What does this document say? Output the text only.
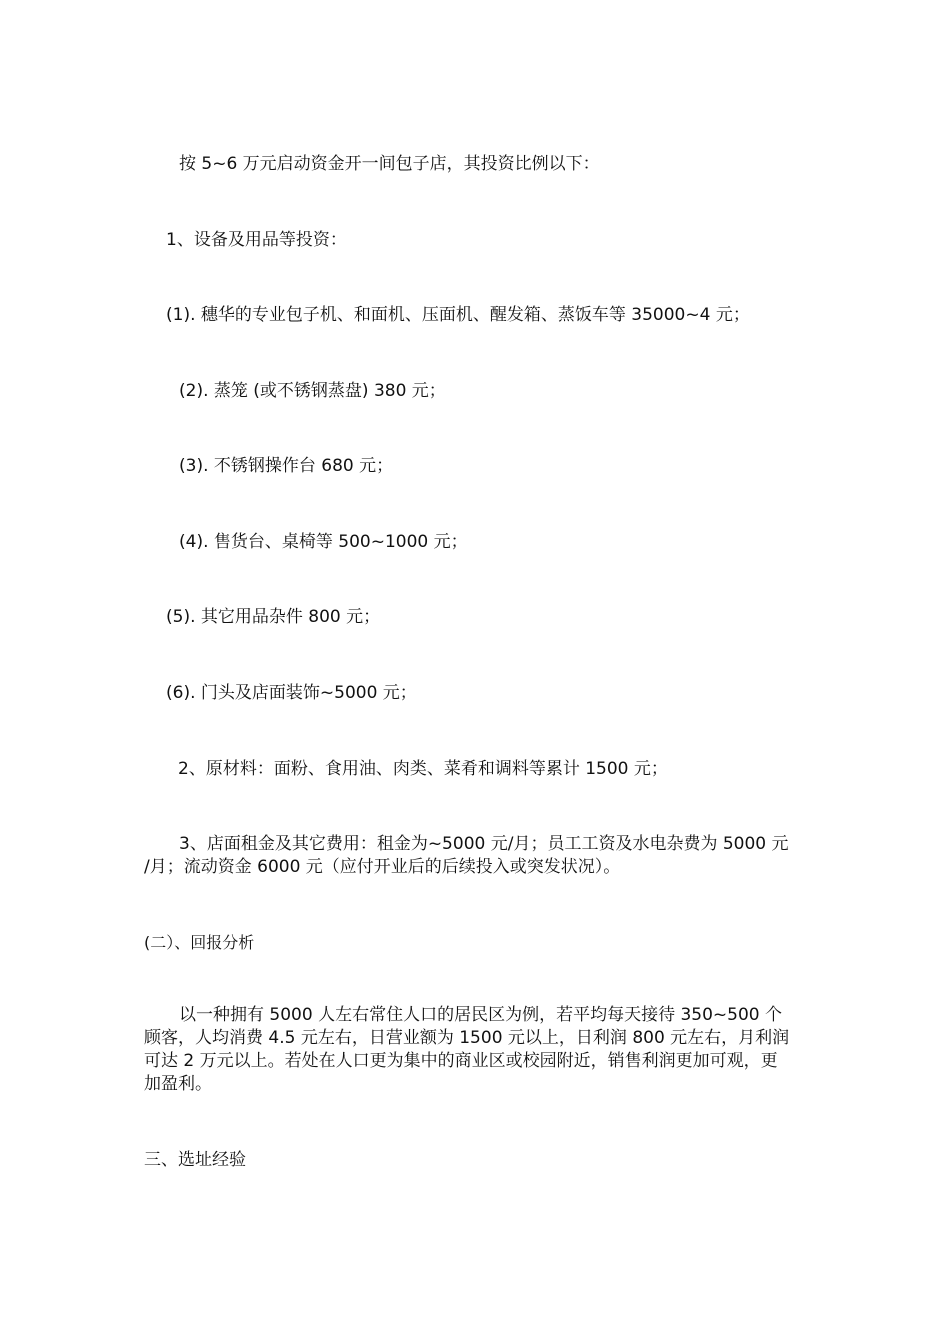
按 5~6 万元启动资金开一间包子店，其投资比例以下：
1、设备及用品等投资：
(1). 穗华的专业包子机、和面机、压面机、醒发箱、蒸饭车等 35000~4 元；
(2). 蒸笼 (或不锈钢蒸盘) 380 元；
(3). 不锈钢操作台 680 元；
(4). 售货台、桌椅等 500~1000 元；
(5). 其它用品杂件 800 元；
(6). 门头及店面装饰~5000 元；
2、原材料：面粉、食用油、肉类、菜肴和调料等累计 1500 元；
3、店面租金及其它费用：租金为~5000 元/月；员工工资及水电杂费为 5000 元
/月；流动资金 6000 元（应付开业后的后续投入或突发状况）。
(二）、回报分析
以一种拥有 5000 人左右常住人口的居民区为例，若平均每天接待 350~500 个
顾客，人均消费 4.5 元左右，日营业额为 1500 元以上，日利润 800 元左右，月利润
可达 2 万元以上。若处在人口更为集中的商业区或校园附近，销售利润更加可观，更
加盈利。
三、选址经验
